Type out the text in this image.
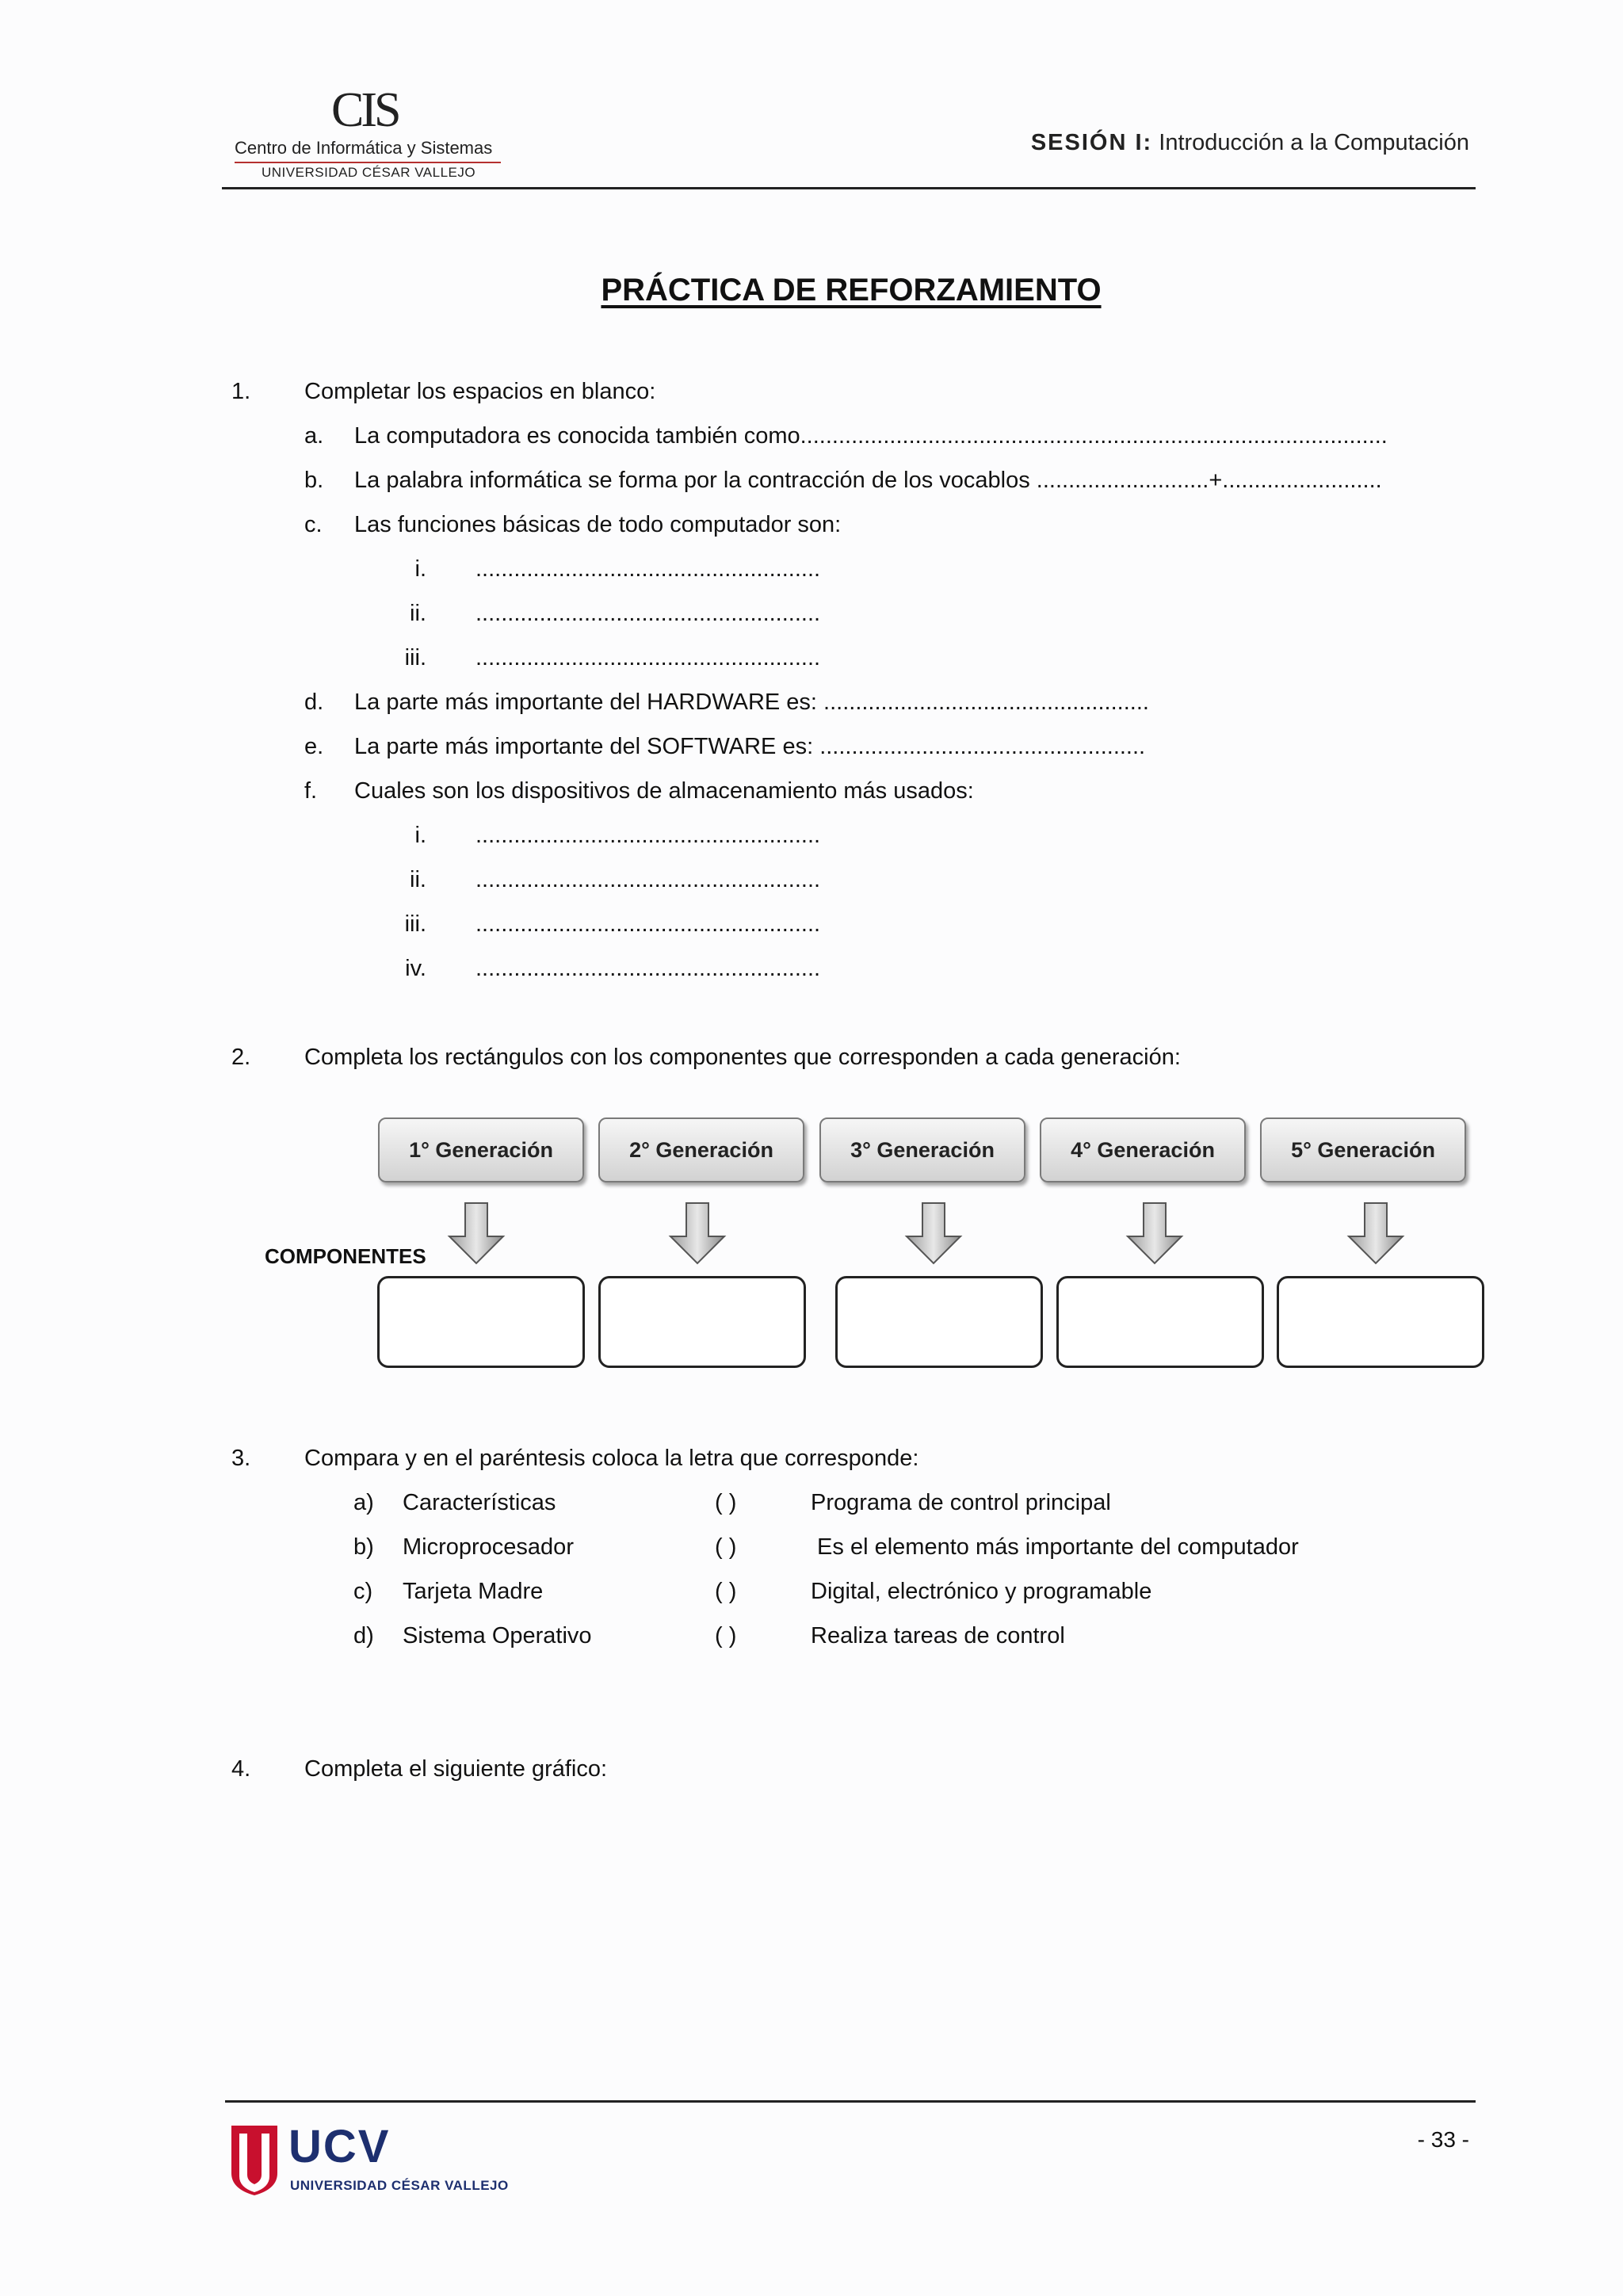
CIS
Centro de Informática y Sistemas
UNIVERSIDAD CÉSAR VALLEJO
SESIÓN I: Introducción a la Computación
PRÁCTICA DE REFORZAMIENTO
1. Completar los espacios en blanco:
a. La computadora es conocida también como............................................................................................
b. La palabra informática se forma por la contracción de los vocablos ...........................+.........................
c. Las funciones básicas de todo computador son:
i. ......................................................
ii. ......................................................
iii. ......................................................
d. La parte más importante del HARDWARE es: ...................................................
e. La parte más importante del SOFTWARE es: ...................................................
f. Cuales son los dispositivos de almacenamiento más usados:
i. ......................................................
ii. ......................................................
iii. ......................................................
iv. ......................................................
2. Completa los rectángulos con los componentes que corresponden a cada generación:
1° Generación	2° Generación	3° Generación	4° Generación	5° Generación
COMPONENTES
3. Compara y en el paréntesis coloca la letra que corresponde:
a) Características	( )	Programa de control principal
b) Microprocesador	( )	Es el elemento más importante del computador
c) Tarjeta Madre	( )	Digital, electrónico y programable
d) Sistema Operativo	( )	Realiza tareas de control
4. Completa el siguiente gráfico:
UCV
UNIVERSIDAD CÉSAR VALLEJO
- 33 -
